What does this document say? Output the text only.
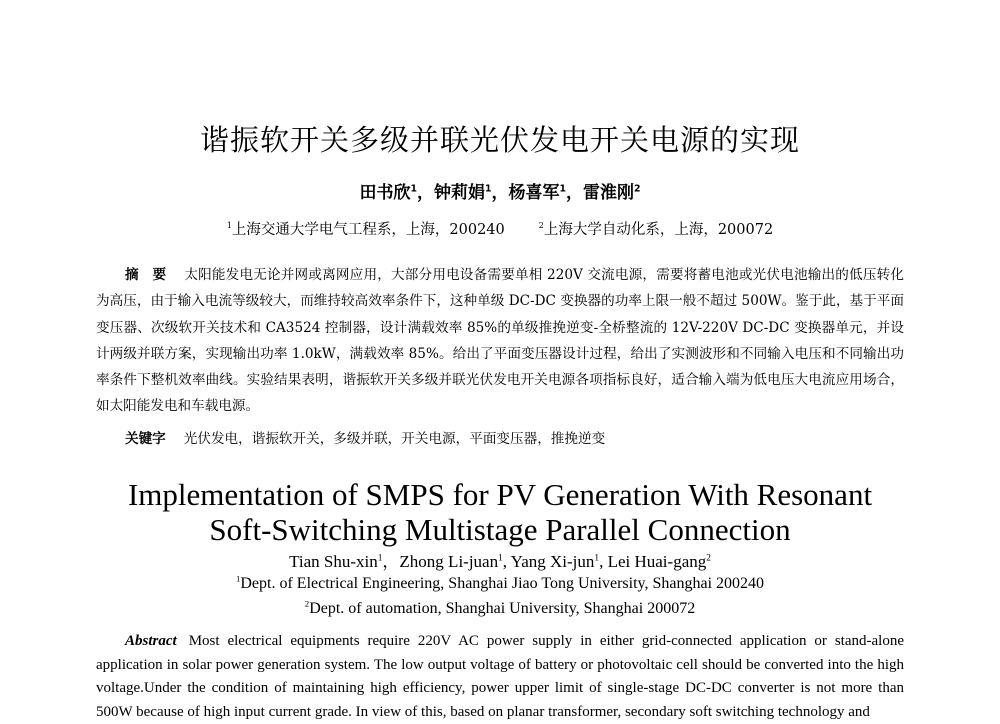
谐振软开关多级并联光伏发电开关电源的实现
田书欣$^1$，钟莉娟$^1$，杨喜军$^1$，雷淮刚$^2$
$^1$上海交通大学电气工程系，上海，200240	$^2$上海大学自动化系，上海，200072
摘　要 太阳能发电无论并网或离网应用，大部分用电设备需要单相 220V 交流电源，需要将蓄电池或光伏电池输出的低压转化为高压，由于输入电流等级较大，而维持较高效率条件下，这种单级 DC-DC 变换器的功率上限一般不超过 500W。鉴于此，基于平面变压器、次级软开关技术和 CA3524 控制器，设计满载效率 85%的单级推挽逆变-全桥整流的 12V-220V DC-DC 变换器单元，并设计两级并联方案，实现输出功率 1.0kW，满载效率 85%。给出了平面变压器设计过程，给出了实测波形和不同输入电压和不同输出功率条件下整机效率曲线。实验结果表明，谐振软开关多级并联光伏发电开关电源各项指标良好，适合输入端为低电压大电流应用场合，如太阳能发电和车载电源。
关键字 光伏发电，谐振软开关，多级并联，开关电源，平面变压器，推挽逆变
Implementation of SMPS for PV Generation With Resonant
Soft-Switching Multistage Parallel Connection
Tian Shu-xin$^1$，Zhong Li-juan$^1$, Yang Xi-jun$^1$, Lei Huai-gang$^2$
$^1$Dept. of Electrical Engineering, Shanghai Jiao Tong University, Shanghai 200240
$^2$Dept. of automation, Shanghai University, Shanghai 200072
Abstract Most electrical equipments require 220V AC power supply in either grid-connected application or stand-alone application in solar power generation system. The low output voltage of battery or photovoltaic cell should be converted into the high voltage.Under the condition of maintaining high efficiency, power upper limit of single-stage DC-DC converter is not more than 500W because of high input current grade. In view of this, based on planar transformer, secondary soft switching technology and
